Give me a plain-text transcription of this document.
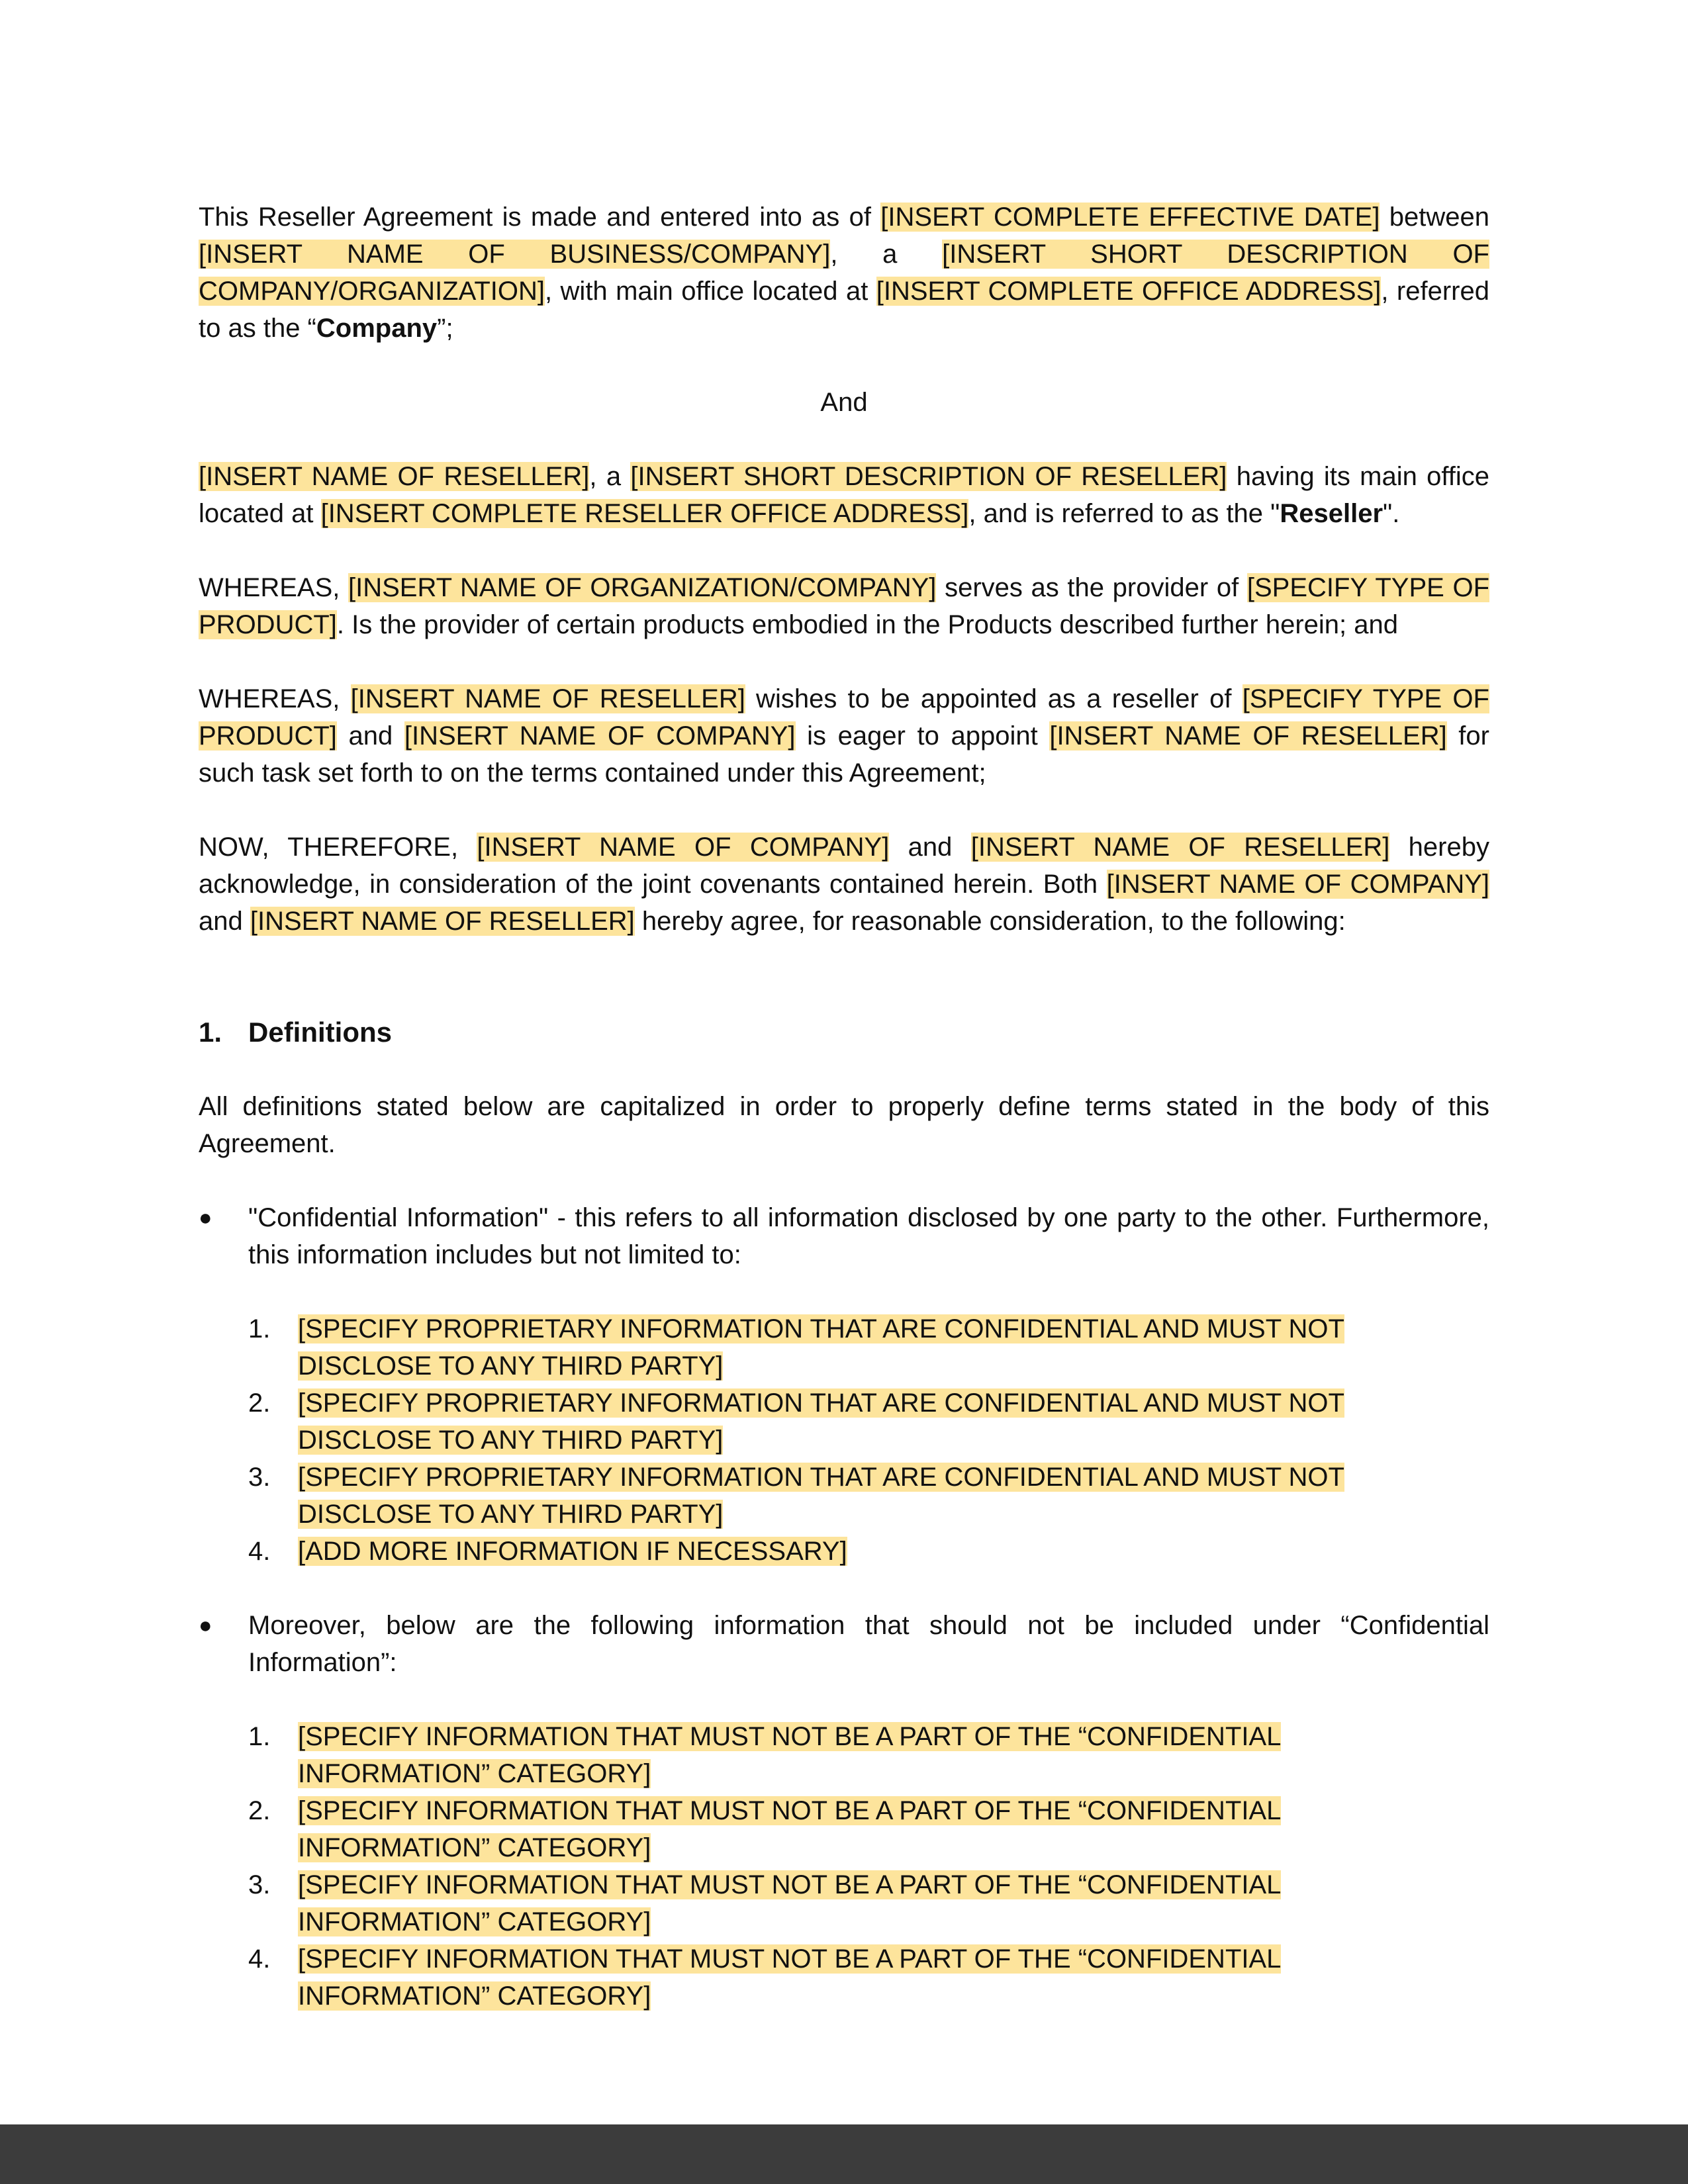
This Reseller Agreement is made and entered into as of [INSERT COMPLETE EFFECTIVE DATE] between [INSERT NAME OF BUSINESS/COMPANY], a [INSERT SHORT DESCRIPTION OF COMPANY/ORGANIZATION], with main office located at [INSERT COMPLETE OFFICE ADDRESS], referred to as the “Company”;

And

[INSERT NAME OF RESELLER], a [INSERT SHORT DESCRIPTION OF RESELLER] having its main office located at [INSERT COMPLETE RESELLER OFFICE ADDRESS], and is referred to as the "Reseller".

WHEREAS, [INSERT NAME OF ORGANIZATION/COMPANY] serves as the provider of [SPECIFY TYPE OF PRODUCT]. Is the provider of certain products embodied in the Products described further herein; and

WHEREAS, [INSERT NAME OF RESELLER] wishes to be appointed as a reseller of [SPECIFY TYPE OF PRODUCT] and [INSERT NAME OF COMPANY] is eager to appoint [INSERT NAME OF RESELLER] for such task set forth to on the terms contained under this Agreement;

NOW, THEREFORE, [INSERT NAME OF COMPANY] and [INSERT NAME OF RESELLER] hereby acknowledge, in consideration of the joint covenants contained herein. Both [INSERT NAME OF COMPANY] and [INSERT NAME OF RESELLER] hereby agree, for reasonable consideration, to the following:

1. Definitions

All definitions stated below are capitalized in order to properly define terms stated in the body of this Agreement.

●	"Confidential Information" - this refers to all information disclosed by one party to the other. Furthermore, this information includes but not limited to:
1.	[SPECIFY PROPRIETARY INFORMATION THAT ARE CONFIDENTIAL AND MUST NOT DISCLOSE TO ANY THIRD PARTY]
2.	[SPECIFY PROPRIETARY INFORMATION THAT ARE CONFIDENTIAL AND MUST NOT DISCLOSE TO ANY THIRD PARTY]
3.	[SPECIFY PROPRIETARY INFORMATION THAT ARE CONFIDENTIAL AND MUST NOT DISCLOSE TO ANY THIRD PARTY]
4.	[ADD MORE INFORMATION IF NECESSARY]
●	Moreover, below are the following information that should not be included under “Confidential Information”:
1.	[SPECIFY INFORMATION THAT MUST NOT BE A PART OF THE “CONFIDENTIAL INFORMATION” CATEGORY]
2.	[SPECIFY INFORMATION THAT MUST NOT BE A PART OF THE “CONFIDENTIAL INFORMATION” CATEGORY]
3.	[SPECIFY INFORMATION THAT MUST NOT BE A PART OF THE “CONFIDENTIAL INFORMATION” CATEGORY]
4.	[SPECIFY INFORMATION THAT MUST NOT BE A PART OF THE “CONFIDENTIAL INFORMATION” CATEGORY]
